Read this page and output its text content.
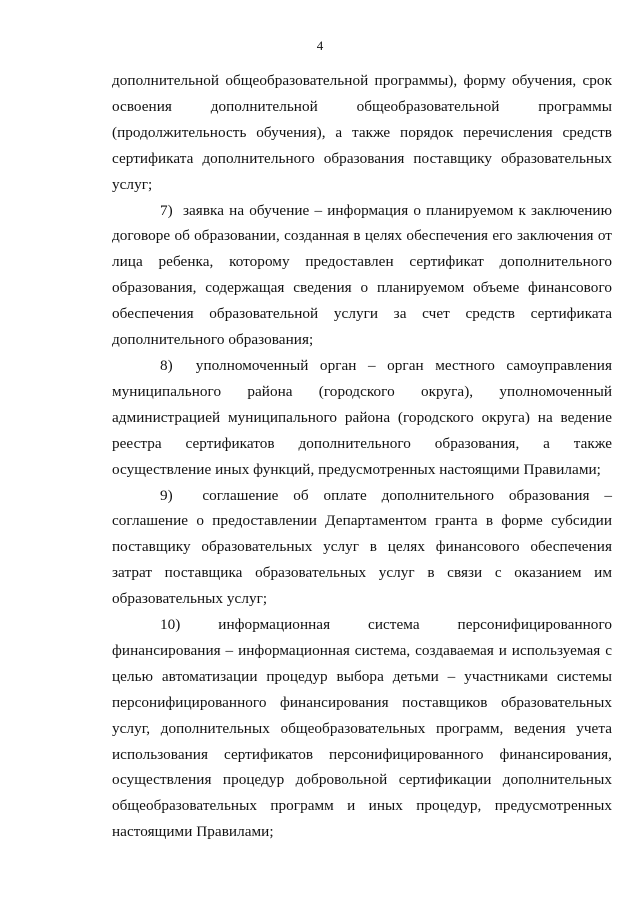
4

дополнительной общеобразовательной программы), форму обучения, срок освоения дополнительной общеобразовательной программы (продолжительность обучения), а также порядок перечисления средств сертификата дополнительного образования поставщику образовательных услуг;

7)  заявка на обучение – информация о планируемом к заключению договоре об образовании, созданная в целях обеспечения его заключения от лица ребенка, которому предоставлен сертификат дополнительного образования, содержащая сведения о планируемом объеме финансового обеспечения образовательной услуги за счет средств сертификата дополнительного образования;

8)  уполномоченный орган – орган местного самоуправления муниципального района (городского округа), уполномоченный администрацией муниципального района (городского округа) на ведение реестра сертификатов дополнительного образования, а также осуществление иных функций, предусмотренных настоящими Правилами;

9)  соглашение об оплате дополнительного образования – соглашение о предоставлении Департаментом гранта в форме субсидии поставщику образовательных услуг в целях финансового обеспечения затрат поставщика образовательных услуг в связи с оказанием им образовательных услуг;

10) информационная система персонифицированного финансирования – информационная система, создаваемая и используемая с целью автоматизации процедур выбора детьми – участниками системы персонифицированного финансирования поставщиков образовательных услуг, дополнительных общеобразовательных программ, ведения учета использования сертификатов персонифицированного финансирования, осуществления процедур добровольной сертификации дополнительных общеобразовательных программ и иных процедур, предусмотренных настоящими Правилами;
